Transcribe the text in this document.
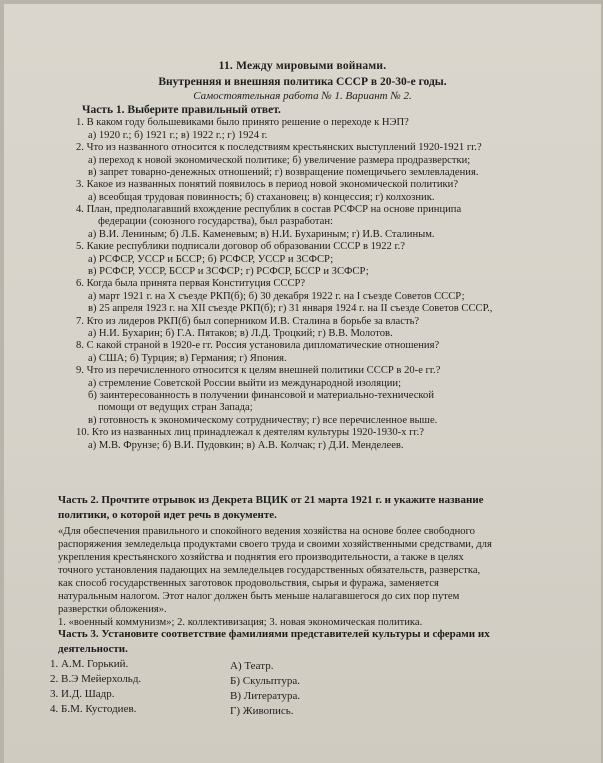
11. Между мировыми войнами.
Внутренняя и внешняя политика СССР в 20-30-е годы.
Самостоятельная работа № 1. Вариант № 2.
Часть 1. Выберите правильный ответ.
1. В каком году большевиками было принято решение о переходе к НЭП?
а) 1920 г.; б) 1921 г.; в) 1922 г.; г) 1924 г.
2. Что из названного относится к последствиям крестьянских выступлений 1920-1921 гг.?
а) переход к новой экономической политике; б) увеличение размера продразверстки;
в) запрет товарно-денежных отношений; г) возвращение помещичьего землевладения.
3. Какое из названных понятий появилось в период новой экономической политики?
а) всеобщая трудовая повинность; б) стахановец; в) концессия; г) колхозник.
4. План, предполагавший вхождение республик в состав РСФСР на основе принципа
федерации (союзного государства), был разработан:
а) В.И. Лениным; б) Л.Б. Каменевым; в) Н.И. Бухариным; г) И.В. Сталиным.
5. Какие республики подписали договор об образовании СССР в 1922 г.?
а) РСФСР, УССР и БССР; б) РСФСР, УССР и ЗСФСР;
в) РСФСР, УССР, БССР и ЗСФСР; г) РСФСР, БССР и ЗСФСР;
6. Когда была принята первая Конституция СССР?
а) март 1921 г. на Х съезде РКП(б); б) 30 декабря 1922 г. на I съезде Советов СССР;
в) 25 апреля 1923 г. на XII съезде РКП(б); г) 31 января 1924 г. на II съезде Советов СССР.,
7. Кто из лидеров РКП(б) был соперником И.В. Сталина в борьбе за власть?
а) Н.И. Бухарин; б) Г.А. Пятаков; в) Л.Д. Троцкий; г) В.В. Молотов.
8. С какой страной в 1920-е гг. Россия установила дипломатические отношения?
а) США; б) Турция; в) Германия; г) Япония.
9. Что из перечисленного относится к целям внешней политики СССР в 20-е гг.?
а) стремление Советской России выйти из международной изоляции;
б) заинтересованность в получении финансовой и материально-технической
помощи от ведущих стран Запада;
в) готовность к экономическому сотрудничеству; г) все перечисленное выше.
10. Кто из названных лиц принадлежал к деятелям культуры 1920-1930-х гг.?
а) М.В. Фрунзе; б) В.И. Пудовкин; в) А.В. Колчак; г) Д.И. Менделеев.
Часть 2. Прочтите отрывок из Декрета ВЦИК от 21 марта 1921 г. и укажите название
политики, о которой идет речь в документе.
«Для обеспечения правильного и спокойного ведения хозяйства на основе более свободного
распоряжения земледельца продуктами своего труда и своими хозяйственными средствами, для
укрепления крестьянского хозяйства и поднятия его производительности, а также в целях
точного установления падающих на земледельцев государственных обязательств, разверстка,
как способ государственных заготовок продовольствия, сырья и фуража, заменяется
натуральным налогом. Этот налог должен быть меньше налагавшегося до сих пор путем
разверстки обложения».
1. «военный коммунизм»; 2. коллективизация; 3. новая экономическая политика.
Часть 3. Установите соответствие фамилиями представителей культуры и сферами их
деятельности.
1. А.М. Горький.
2. В.Э Мейерхольд.
3. И.Д. Шадр.
4. Б.М. Кустодиев.
А) Театр.
Б) Скульптура.
В) Литература.
Г) Живопись.
